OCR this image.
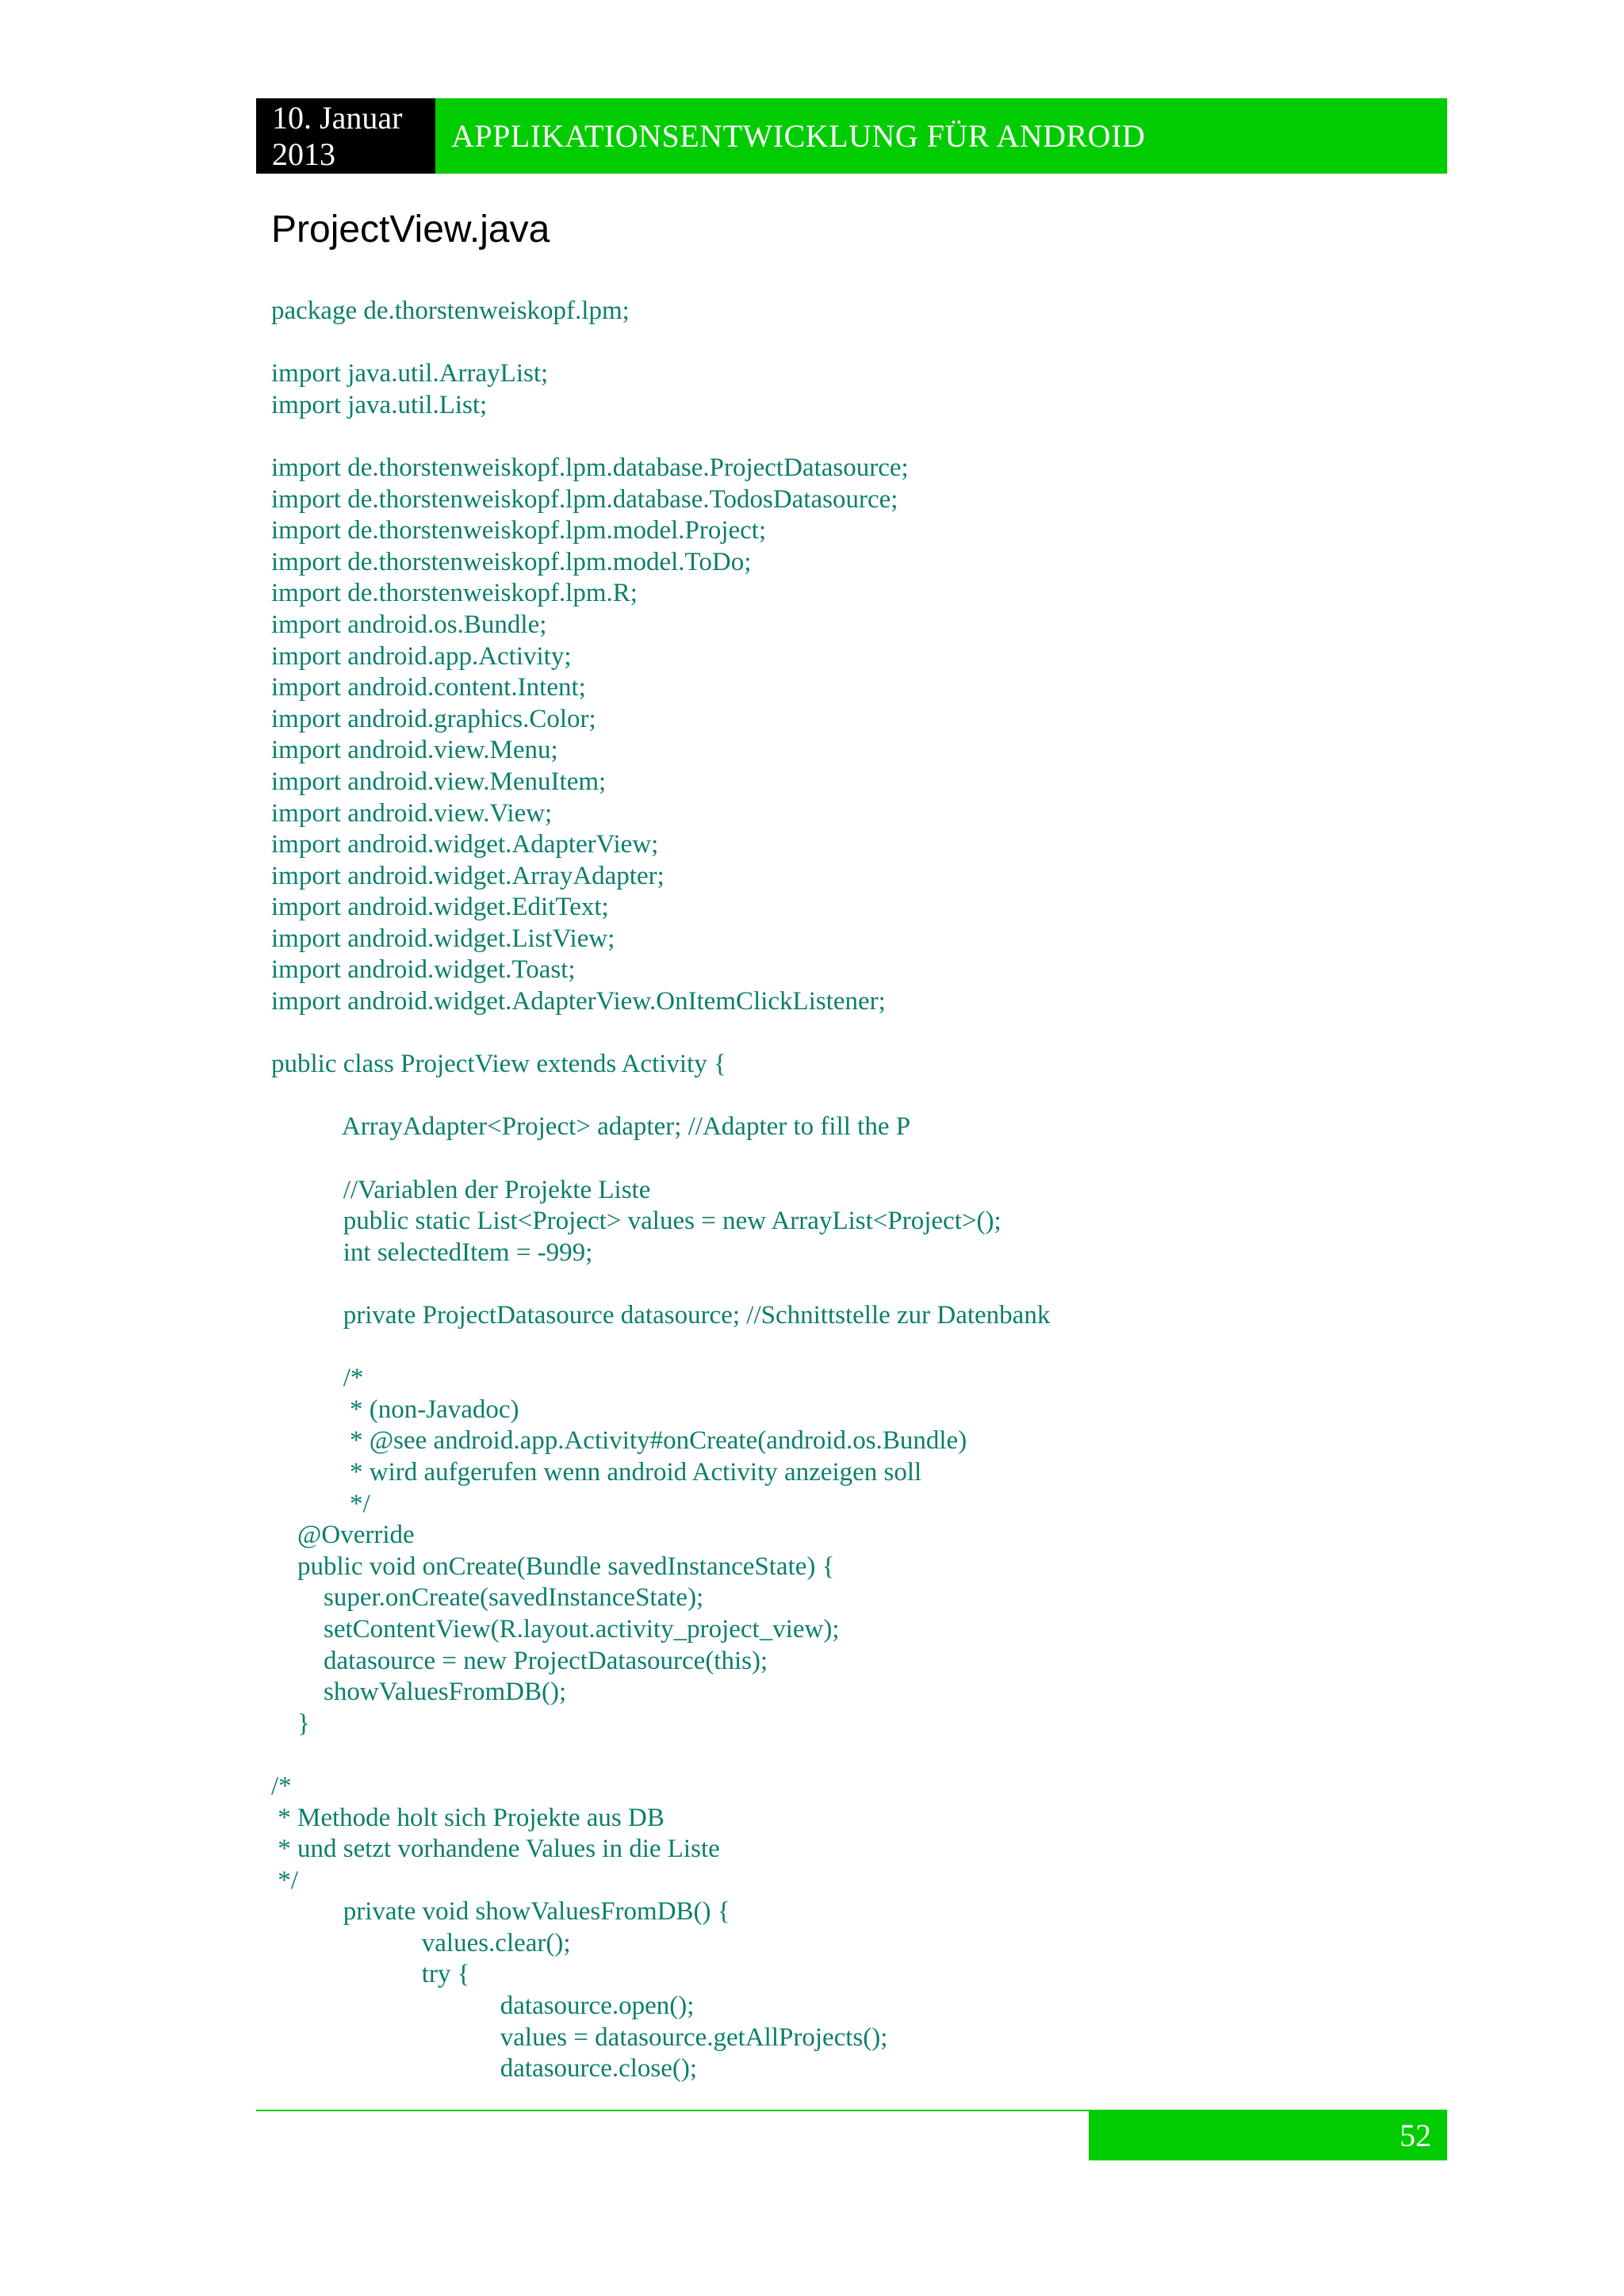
10. Januar
2013	APPLIKATIONSENTWICKLUNG FÜR ANDROID
ProjectView.java
package de.thorstenweiskopf.lpm;
import java.util.ArrayList;
import java.util.List;
import de.thorstenweiskopf.lpm.database.ProjectDatasource;
import de.thorstenweiskopf.lpm.database.TodosDatasource;
import de.thorstenweiskopf.lpm.model.Project;
import de.thorstenweiskopf.lpm.model.ToDo;
import de.thorstenweiskopf.lpm.R;
import android.os.Bundle;
import android.app.Activity;
import android.content.Intent;
import android.graphics.Color;
import android.view.Menu;
import android.view.MenuItem;
import android.view.View;
import android.widget.AdapterView;
import android.widget.ArrayAdapter;
import android.widget.EditText;
import android.widget.ListView;
import android.widget.Toast;
import android.widget.AdapterView.OnItemClickListener;
public class ProjectView extends Activity {
ArrayAdapter<Project> adapter; //Adapter to fill the P
//Variablen der Projekte Liste
public static List<Project> values = new ArrayList<Project>();
int selectedItem = -999;
private ProjectDatasource datasource; //Schnittstelle zur Datenbank
/*
* (non-Javadoc)
* @see android.app.Activity#onCreate(android.os.Bundle)
* wird aufgerufen wenn android Activity anzeigen soll
*/
@Override
public void onCreate(Bundle savedInstanceState) {
super.onCreate(savedInstanceState);
setContentView(R.layout.activity_project_view);
datasource = new ProjectDatasource(this);
showValuesFromDB();
}
/*
* Methode holt sich Projekte aus DB
* und setzt vorhandene Values in die Liste
*/
private void showValuesFromDB() {
values.clear();
try {
datasource.open();
values = datasource.getAllProjects();
datasource.close();
52
